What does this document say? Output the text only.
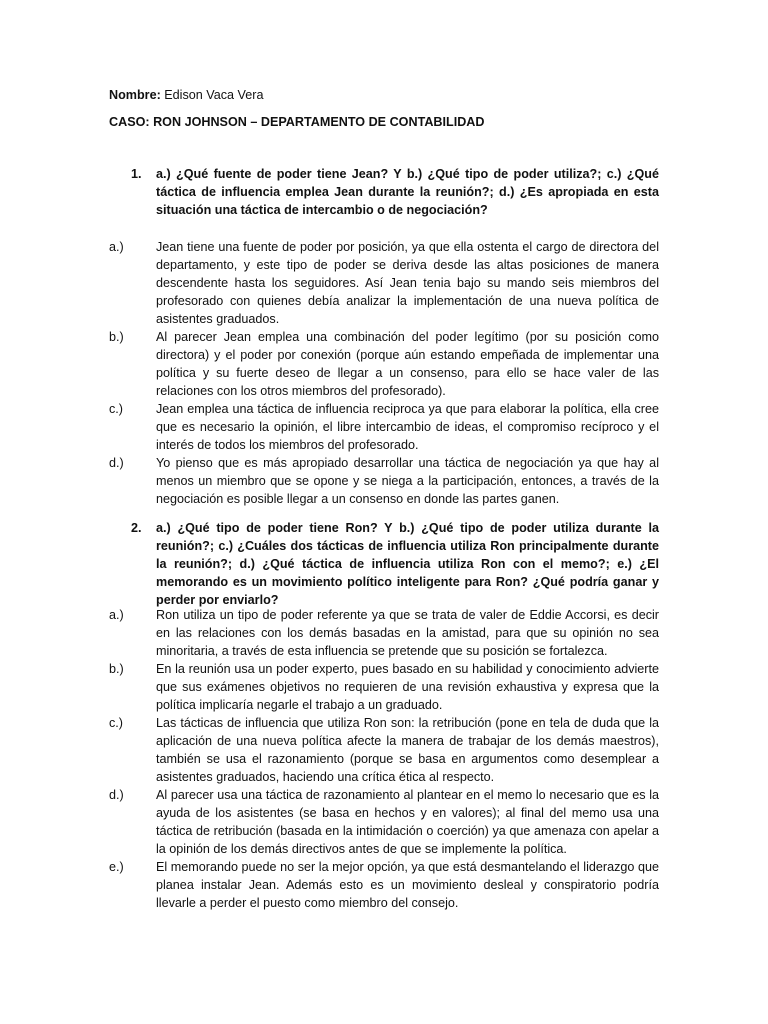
Nombre: Edison Vaca Vera
CASO: RON JOHNSON – DEPARTAMENTO DE CONTABILIDAD
1. a.) ¿Qué fuente de poder tiene Jean? Y b.) ¿Qué tipo de poder utiliza?; c.) ¿Qué táctica de influencia emplea Jean durante la reunión?; d.) ¿Es apropiada en esta situación una táctica de intercambio o de negociación?
a.)	Jean tiene una fuente de poder por posición, ya que ella ostenta el cargo de directora del departamento, y este tipo de poder se deriva desde las altas posiciones de manera descendente hasta los seguidores. Así Jean tenia bajo su mando seis miembros del profesorado con quienes debía analizar la implementación de una nueva política de asistentes graduados.
b.)	Al parecer Jean emplea una combinación del poder legítimo (por su posición como directora) y el poder por conexión (porque aún estando empeñada de implementar una política y su fuerte deseo de llegar a un consenso, para ello se hace valer de las relaciones con los otros miembros del profesorado).
c.)	Jean emplea una táctica de influencia reciproca ya que para elaborar la política, ella cree que es necesario la opinión, el libre intercambio de ideas, el compromiso recíproco y el interés de todos los miembros del profesorado.
d.)	Yo pienso que es más apropiado desarrollar una táctica de negociación ya que hay al menos un miembro que se opone y se niega a la participación, entonces, a través de la negociación es posible llegar a un consenso en donde las partes ganen.
2. a.) ¿Qué tipo de poder tiene Ron? Y b.) ¿Qué tipo de poder utiliza durante la reunión?; c.) ¿Cuáles dos tácticas de influencia utiliza Ron principalmente durante la reunión?; d.) ¿Qué táctica de influencia utiliza Ron con el memo?; e.) ¿El memorando es un movimiento político inteligente para Ron? ¿Qué podría ganar y perder por enviarlo?
a.)	Ron utiliza un tipo de poder referente ya que se trata de valer de Eddie Accorsi, es decir en las relaciones con los demás basadas en la amistad, para que su opinión no sea minoritaria, a través de esta influencia se pretende que su posición se fortalezca.
b.)	En la reunión usa un poder experto, pues basado en su habilidad y conocimiento advierte que sus exámenes objetivos no requieren de una revisión exhaustiva y expresa que la política implicaría negarle el trabajo a un graduado.
c.)	Las tácticas de influencia que utiliza Ron son: la retribución (pone en tela de duda que la aplicación de una nueva política afecte la manera de trabajar de los demás maestros), también se usa el razonamiento (porque se basa en argumentos como desemplear a asistentes graduados, haciendo una crítica ética al respecto.
d.)	Al parecer usa una táctica de razonamiento al plantear en el memo lo necesario que es la ayuda de los asistentes (se basa en hechos y en valores); al final del memo usa una táctica de retribución (basada en la intimidación o coerción) ya que amenaza con apelar a la opinión de los demás directivos antes de que se implemente la política.
e.)	El memorando puede no ser la mejor opción, ya que está desmantelando el liderazgo que planea instalar Jean. Además esto es un movimiento desleal y conspiratorio podría llevarle a perder el puesto como miembro del consejo.
